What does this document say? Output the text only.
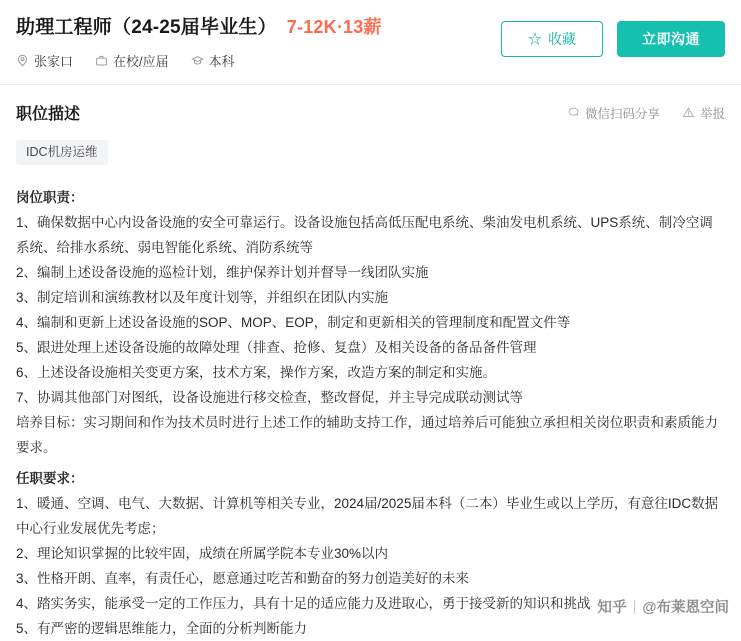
助理工程师（24-25届毕业生） 7-12K·13薪
张家口	在校/应届	本科
☆ 收藏	立即沟通
职位描述	微信扫码分享	举报
IDC机房运维

岗位职责：

1、确保数据中心内设备设施的安全可靠运行。设备设施包括高低压配电系统、柴油发电机系统、UPS系统、制冷空调系统、给排水系统、弱电智能化系统、消防系统等

2、编制上述设备设施的巡检计划，维护保养计划并督导一线团队实施

3、制定培训和演练教材以及年度计划等，并组织在团队内实施

4、编制和更新上述设备设施的SOP、MOP、EOP，制定和更新相关的管理制度和配置文件等

5、跟进处理上述设备设施的故障处理（排查、抢修、复盘）及相关设备的备品备件管理

6、上述设备设施相关变更方案，技术方案，操作方案，改造方案的制定和实施。

7、协调其他部门对图纸，设备设施进行移交检查，整改督促，并主导完成联动测试等

培养目标：实习期间和作为技术员时进行上述工作的辅助支持工作，通过培养后可能独立承担相关岗位职责和素质能力要求。

任职要求：

1、暖通、空调、电气、大数据、计算机等相关专业，2024届/2025届本科（二本）毕业生或以上学历，有意往IDC数据中心行业发展优先考虑；

2、理论知识掌握的比较牢固，成绩在所属学院本专业30%以内

3、性格开朗、直率，有责任心，愿意通过吃苦和勤奋的努力创造美好的未来

4、踏实务实，能承受一定的工作压力，具有十足的适应能力及进取心，勇于接受新的知识和挑战

5、有严密的逻辑思维能力，全面的分析判断能力

知乎 @布莱恩空间
